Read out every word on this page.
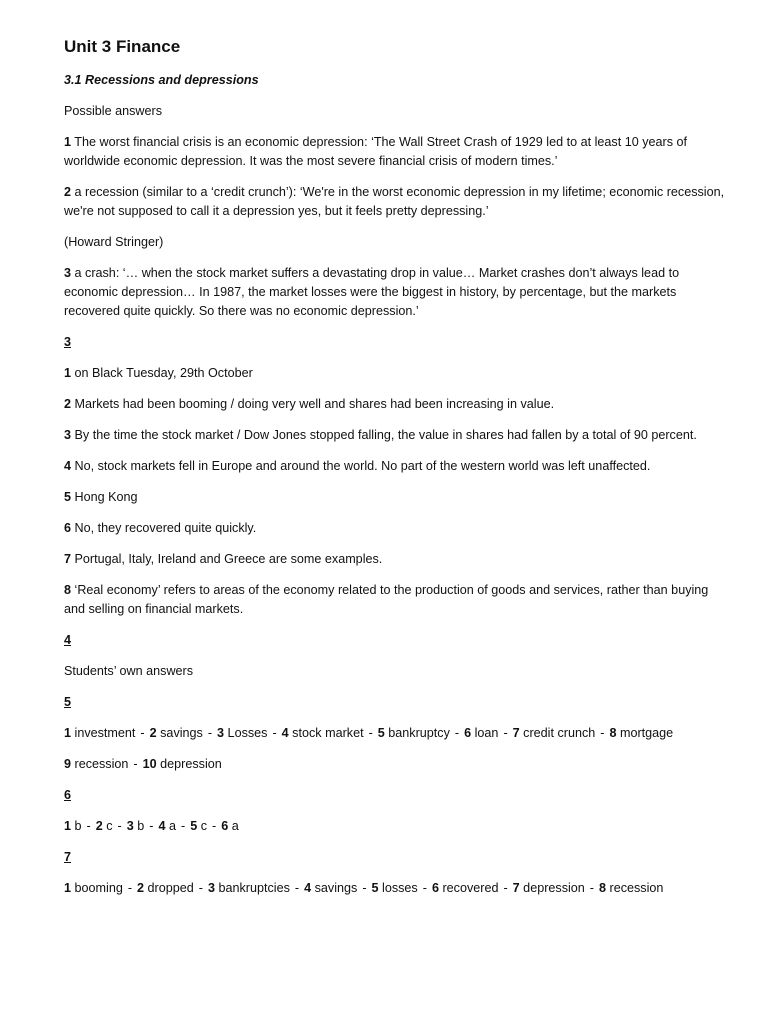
Unit 3 Finance

3.1 Recessions and depressions

Possible answers

1 The worst financial crisis is an economic depression: ‘The Wall Street Crash of 1929 led to at least 10 years of worldwide economic depression. It was the most severe financial crisis of modern times.’

2 a recession (similar to a ‘credit crunch’): ‘We're in the worst economic depression in my lifetime; economic recession, we're not supposed to call it a depression yes, but it feels pretty depressing.’

(Howard Stringer)

3 a crash: ‘… when the stock market suffers a devastating drop in value… Market crashes don’t always lead to economic depression… In 1987, the market losses were the biggest in history, by percentage, but the markets recovered quite quickly. So there was no economic depression.’

3

1 on Black Tuesday, 29th October

2 Markets had been booming / doing very well and shares had been increasing in value.

3 By the time the stock market / Dow Jones stopped falling, the value in shares had fallen by a total of 90 percent.

4 No, stock markets fell in Europe and around the world. No part of the western world was left unaffected.

5 Hong Kong

6 No, they recovered quite quickly.

7 Portugal, Italy, Ireland and Greece are some examples.

8 ‘Real economy’ refers to areas of the economy related to the production of goods and services, rather than buying and selling on financial markets.

4

Students’ own answers

5

1 investment - 2 savings - 3 Losses - 4 stock market - 5 bankruptcy - 6 loan - 7 credit crunch - 8 mortgage
9 recession - 10 depression

6

1 b - 2 c - 3 b - 4 a - 5 c - 6 a

7

1 booming - 2 dropped - 3 bankruptcies - 4 savings - 5 losses - 6 recovered - 7 depression - 8 recession
